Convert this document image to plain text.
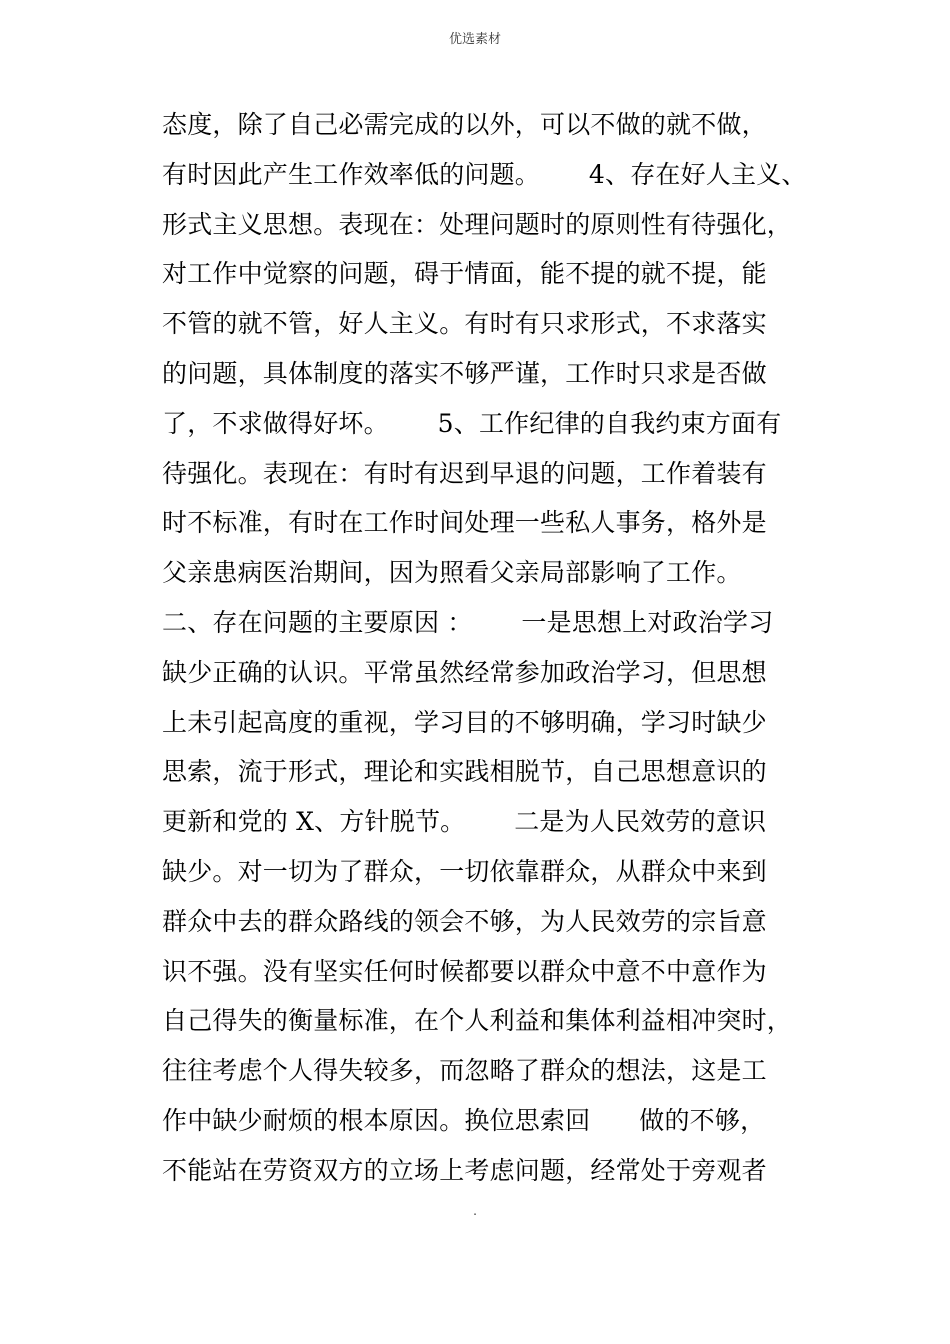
优选素材
态度，除了自己必需完成的以外，可以不做的就不做，
有时因此产生工作效率低的问题。      4、存在好人主义、
形式主义思想。表现在：处理问题时的原则性有待强化，
对工作中觉察的问题，碍于情面，能不提的就不提，能
不管的就不管，好人主义。有时有只求形式，不求落实
的问题，具体制度的落实不够严谨，工作时只求是否做
了，不求做得好坏。      5、工作纪律的自我约束方面有
待强化。表现在：有时有迟到早退的问题，工作着装有
时不标准，有时在工作时间处理一些私人事务，格外是
父亲患病医治期间，因为照看父亲局部影响了工作。
二、存在问题的主要原因 ：      一是思想上对政治学习
缺少正确的认识。平常虽然经常参加政治学习，但思想
上未引起高度的重视，学习目的不够明确，学习时缺少
思索，流于形式，理论和实践相脱节，自己思想意识的
更新和党的 X、方针脱节。      二是为人民效劳的意识
缺少。对一切为了群众，一切依靠群众，从群众中来到
群众中去的群众路线的领会不够，为人民效劳的宗旨意
识不强。没有坚实任何时候都要以群众中意不中意作为
自己得失的衡量标准，在个人利益和集体利益相冲突时，
往往考虑个人得失较多，而忽略了群众的想法，这是工
作中缺少耐烦的根本原因。换位思索回      做的不够，
不能站在劳资双方的立场上考虑问题，经常处于旁观者
.
